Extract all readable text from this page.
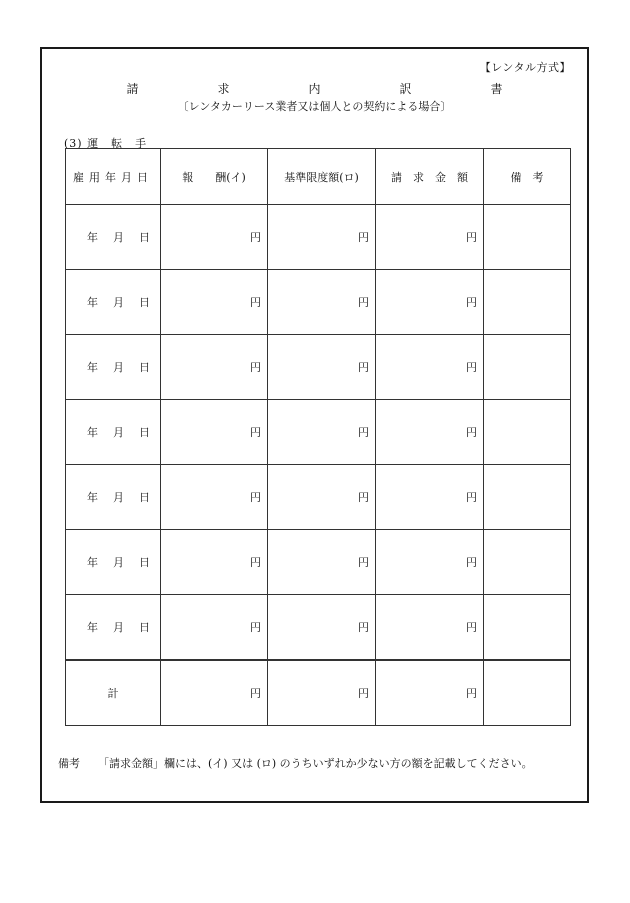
【レンタル方式】
請	求	内	訳	書
〔レンタカーリース業者又は個人との契約による場合〕
(3) 運　転　手
雇用年月日	報　　酬(イ)	基準限度額(ロ)	請　求　金　額	備　考
年　月　日	円	円	円	
年　月　日	円	円	円	
年　月　日	円	円	円	
年　月　日	円	円	円	
年　月　日	円	円	円	
年　月　日	円	円	円	
年　月　日	円	円	円	
計	円	円	円	
備考 「請求金額」欄には、(イ) 又は (ロ) のうちいずれか少ない方の額を記載してください。
